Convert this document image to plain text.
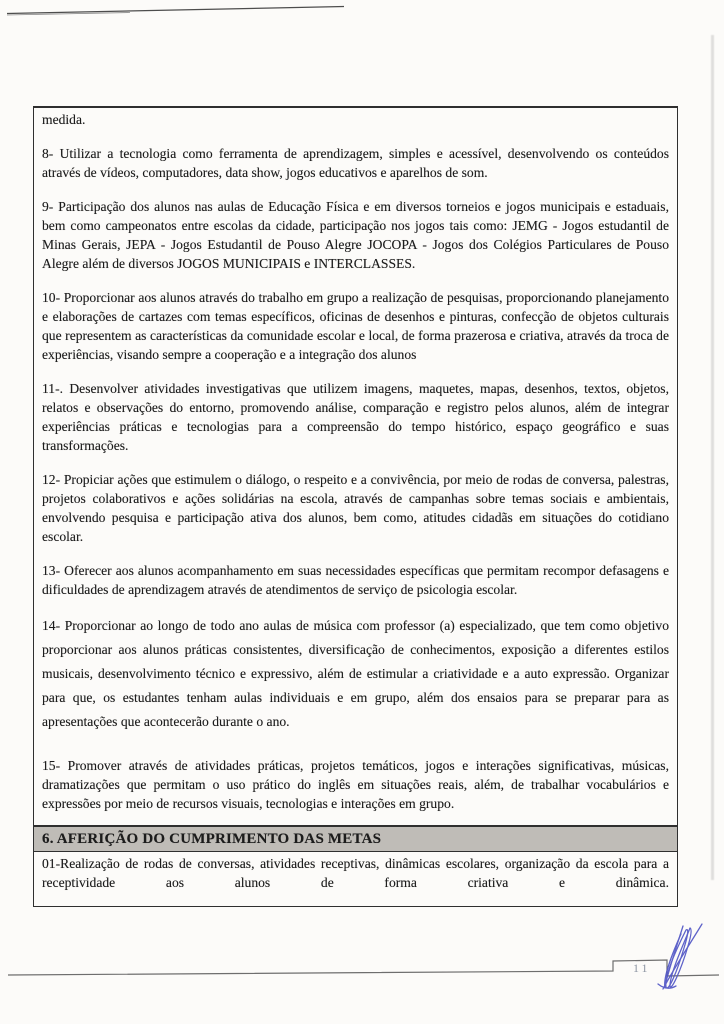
medida.

8- Utilizar a tecnologia como ferramenta de aprendizagem, simples e acessível, desenvolvendo os conteúdos através de vídeos, computadores, data show, jogos educativos e aparelhos de som.

9- Participação dos alunos nas aulas de Educação Física e em diversos torneios e jogos municipais e estaduais, bem como campeonatos entre escolas da cidade, participação nos jogos tais como: JEMG - Jogos estudantil de Minas Gerais, JEPA - Jogos Estudantil de Pouso Alegre JOCOPA - Jogos dos Colégios Particulares de Pouso Alegre além de diversos JOGOS MUNICIPAIS e INTERCLASSES.

10- Proporcionar aos alunos através do trabalho em grupo a realização de pesquisas, proporcionando planejamento e elaborações de cartazes com temas específicos, oficinas de desenhos e pinturas, confecção de objetos culturais que representem as características da comunidade escolar e local, de forma prazerosa e criativa, através da troca de experiências, visando sempre a cooperação e a integração dos alunos

11-. Desenvolver atividades investigativas que utilizem imagens, maquetes, mapas, desenhos, textos, objetos, relatos e observações do entorno, promovendo análise, comparação e registro pelos alunos, além de integrar experiências práticas e tecnologias para a compreensão do tempo histórico, espaço geográfico e suas transformações.

12- Propiciar ações que estimulem o diálogo, o respeito e a convivência, por meio de rodas de conversa, palestras, projetos colaborativos e ações solidárias na escola, através de campanhas sobre temas sociais e ambientais, envolvendo pesquisa e participação ativa dos alunos, bem como, atitudes cidadãs em situações do cotidiano escolar.

13- Oferecer aos alunos acompanhamento em suas necessidades específicas que permitam recompor defasagens e dificuldades de aprendizagem através de atendimentos de serviço de psicologia escolar.

14- Proporcionar ao longo de todo ano aulas de música com professor (a) especializado, que tem como objetivo proporcionar aos alunos práticas consistentes, diversificação de conhecimentos, exposição a diferentes estilos musicais, desenvolvimento técnico e expressivo, além de estimular a criatividade e a auto expressão. Organizar para que, os estudantes tenham aulas individuais e em grupo, além dos ensaios para se preparar para as apresentações que acontecerão durante o ano.

15- Promover através de atividades práticas, projetos temáticos, jogos e interações significativas, músicas, dramatizações que permitam o uso prático do inglês em situações reais, além, de trabalhar vocabulários e expressões por meio de recursos visuais, tecnologias e interações em grupo.

6. AFERIÇÃO DO CUMPRIMENTO DAS METAS

01-Realização de rodas de conversas, atividades receptivas, dinâmicas escolares, organização da escola para a receptividade aos alunos de forma criativa e dinâmica.

11
